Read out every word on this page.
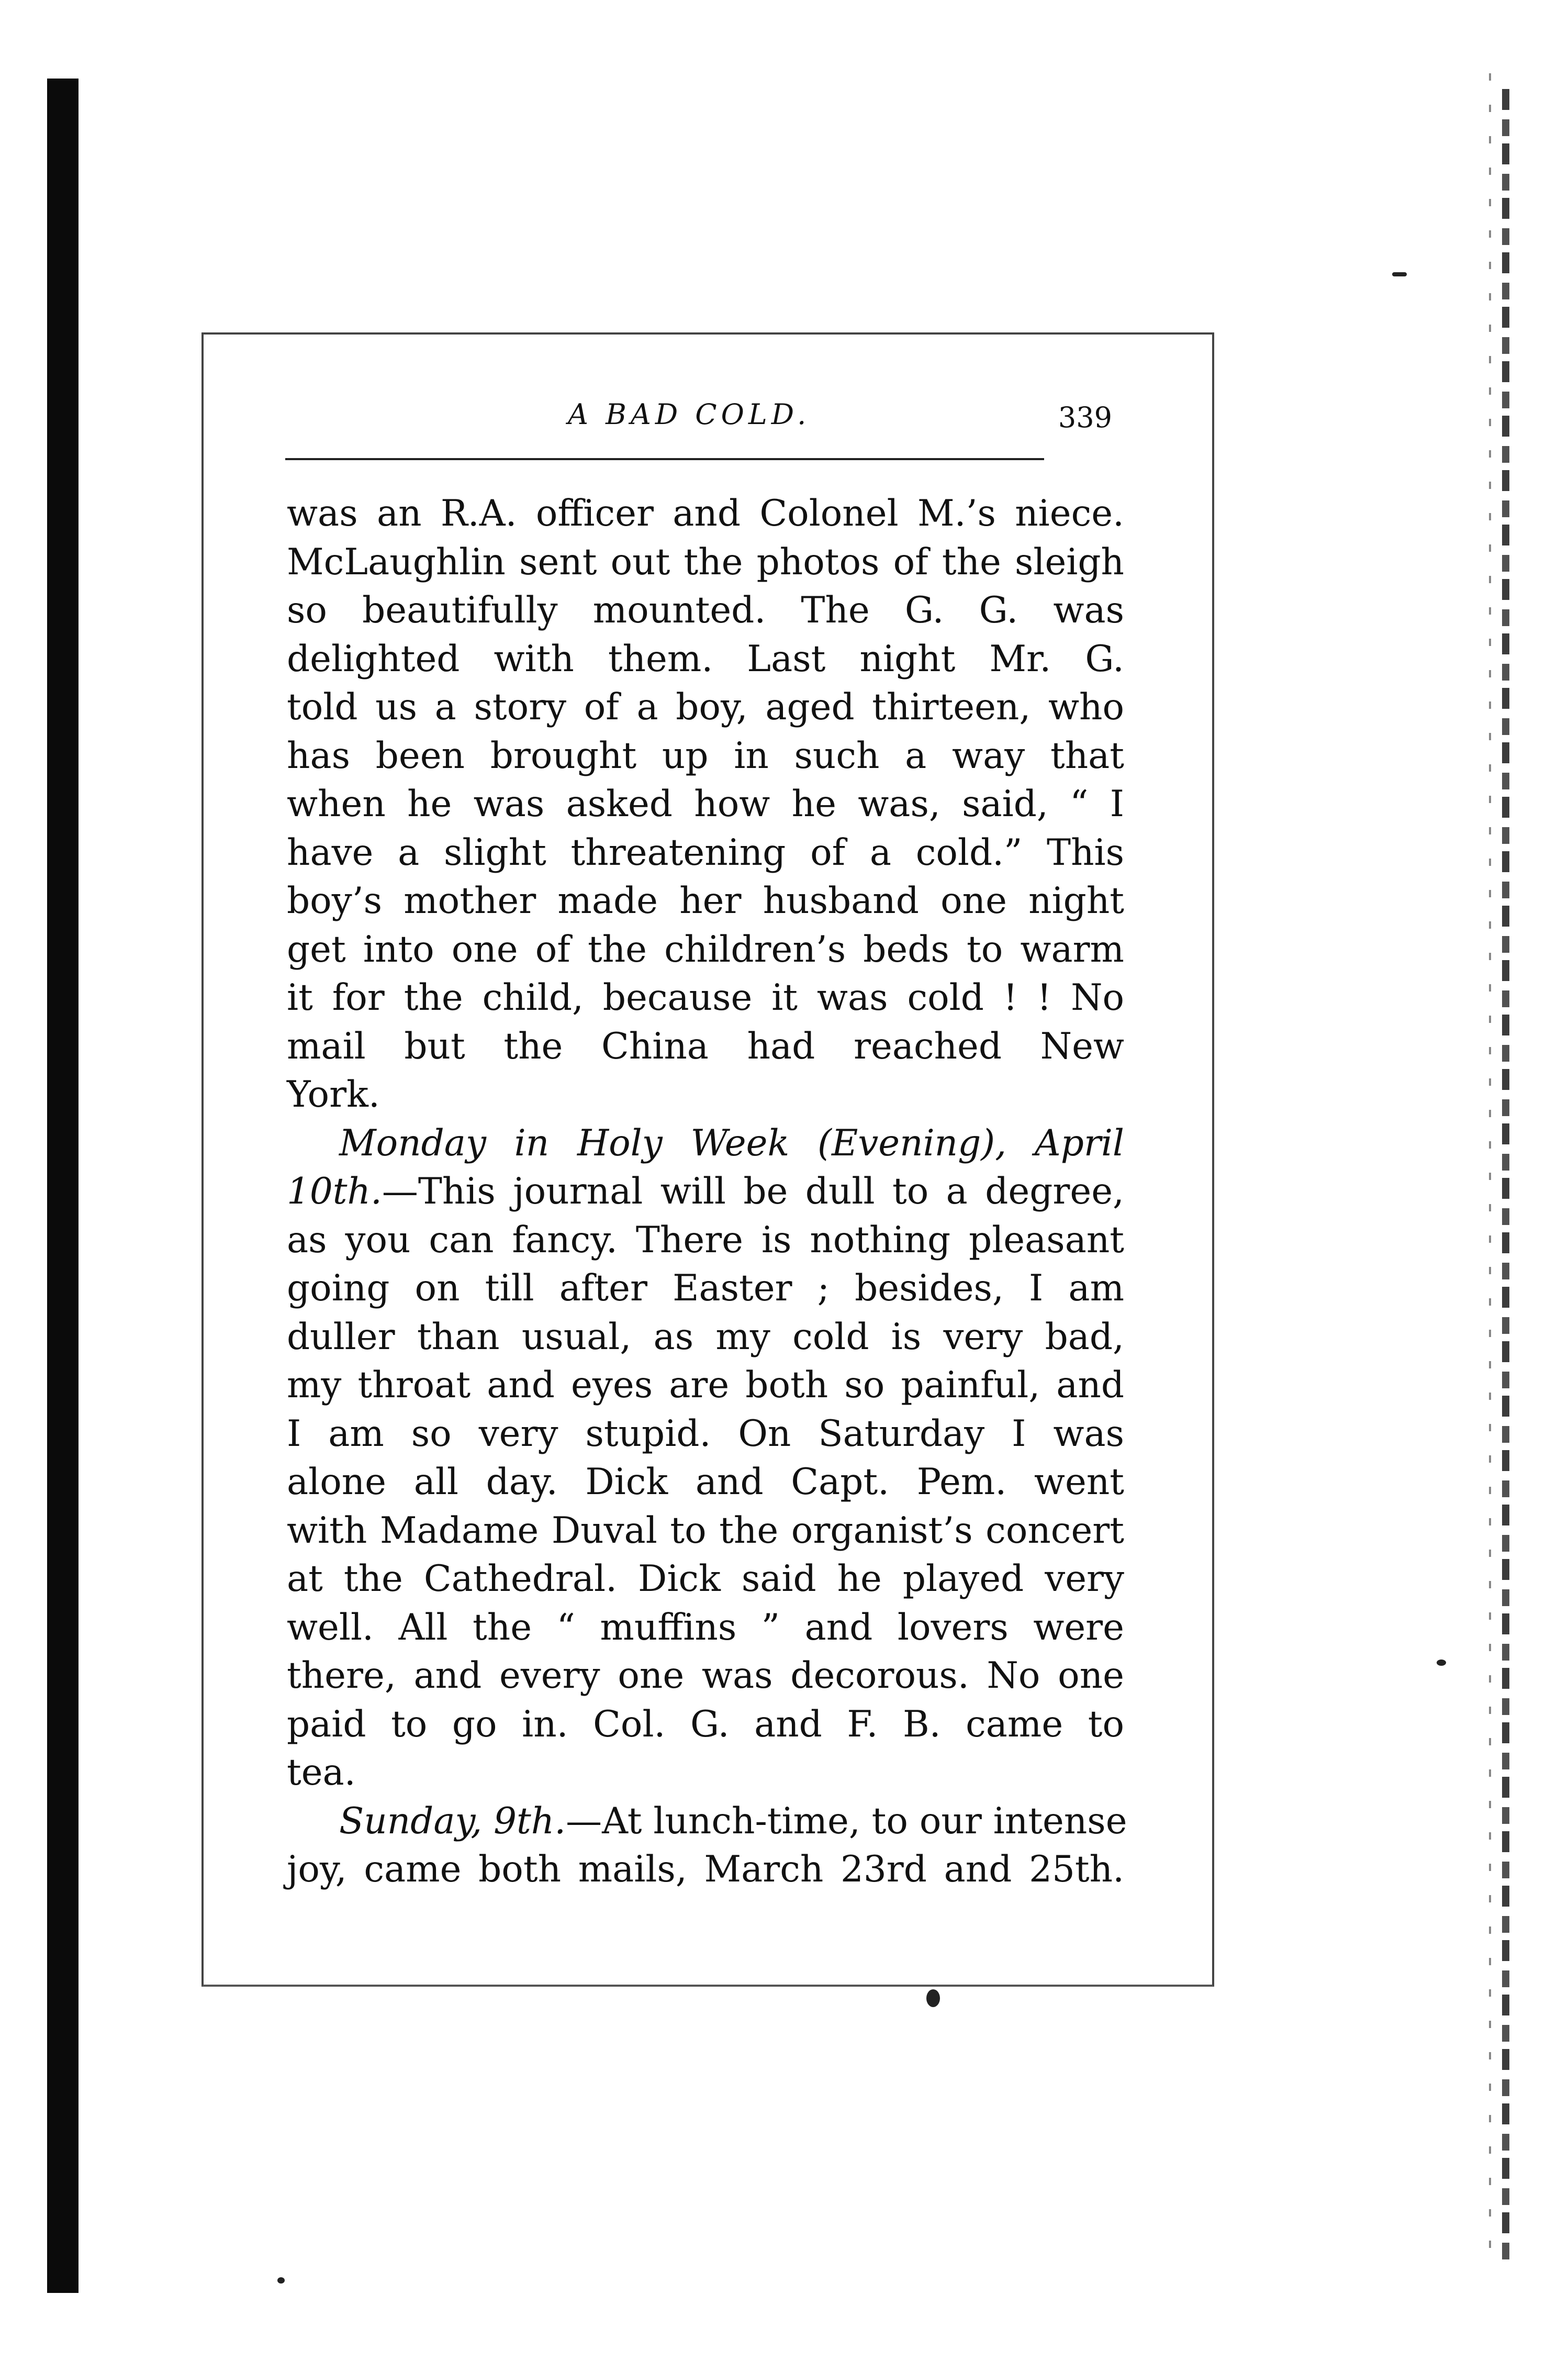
A BAD COLD.	339

was an R.A. officer and Colonel M.’s niece.
McLaughlin sent out the photos of the sleigh
so beautifully mounted. The G. G. was
delighted with them. Last night Mr. G.
told us a story of a boy, aged thirteen, who
has been brought up in such a way that
when he was asked how he was, said, “ I
have a slight threatening of a cold.” This
boy’s mother made her husband one night
get into one of the children’s beds to warm
it for the child, because it was cold ! ! No
mail but the China had reached New
York.

Monday in Holy Week (Evening), April
10th.—This journal will be dull to a degree,
as you can fancy. There is nothing pleasant
going on till after Easter ; besides, I am
duller than usual, as my cold is very bad,
my throat and eyes are both so painful, and
I am so very stupid. On Saturday I was
alone all day. Dick and Capt. Pem. went
with Madame Duval to the organist’s concert
at the Cathedral. Dick said he played very
well. All the “ muffins ” and lovers were
there, and every one was decorous. No one
paid to go in. Col. G. and F. B. came to
tea.

Sunday, 9th.—At lunch-time, to our intense
joy, came both mails, March 23rd and 25th.
